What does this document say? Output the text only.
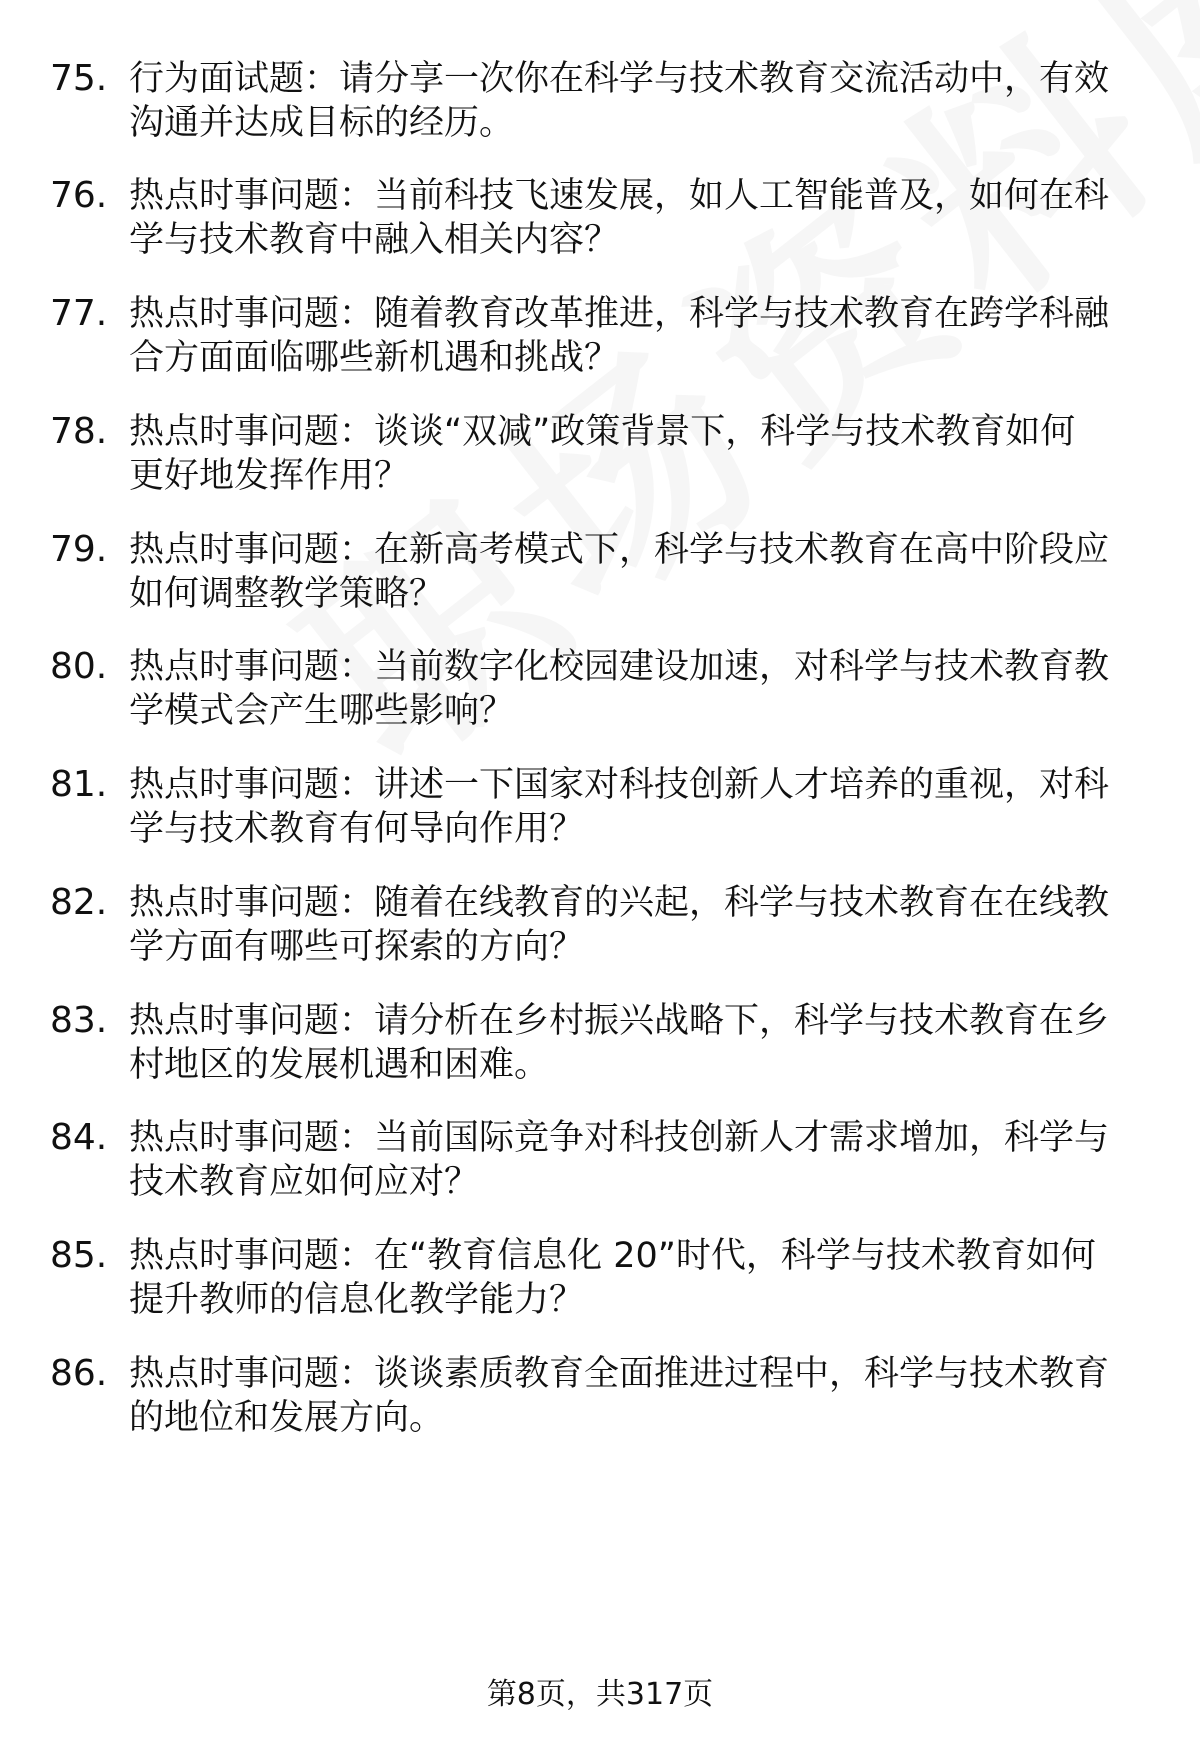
75. 行为面试题：请分享一次你在科学与技术教育交流活动中，有效
沟通并达成目标的经历。
76. 热点时事问题：当前科技飞速发展，如人工智能普及，如何在科
学与技术教育中融入相关内容？
77. 热点时事问题：随着教育改革推进，科学与技术教育在跨学科融
合方面面临哪些新机遇和挑战？
78. 热点时事问题：谈谈“双减”政策背景下，科学与技术教育如何
更好地发挥作用？
79. 热点时事问题：在新高考模式下，科学与技术教育在高中阶段应
如何调整教学策略？
80. 热点时事问题：当前数字化校园建设加速，对科学与技术教育教
学模式会产生哪些影响？
81. 热点时事问题：讲述一下国家对科技创新人才培养的重视，对科
学与技术教育有何导向作用？
82. 热点时事问题：随着在线教育的兴起，科学与技术教育在在线教
学方面有哪些可探索的方向？
83. 热点时事问题：请分析在乡村振兴战略下，科学与技术教育在乡
村地区的发展机遇和困难。
84. 热点时事问题：当前国际竞争对科技创新人才需求增加，科学与
技术教育应如何应对？
85. 热点时事问题：在“教育信息化 20”时代，科学与技术教育如何
提升教师的信息化教学能力？
86. 热点时事问题：谈谈素质教育全面推进过程中，科学与技术教育
的地位和发展方向。
第8页，共317页
